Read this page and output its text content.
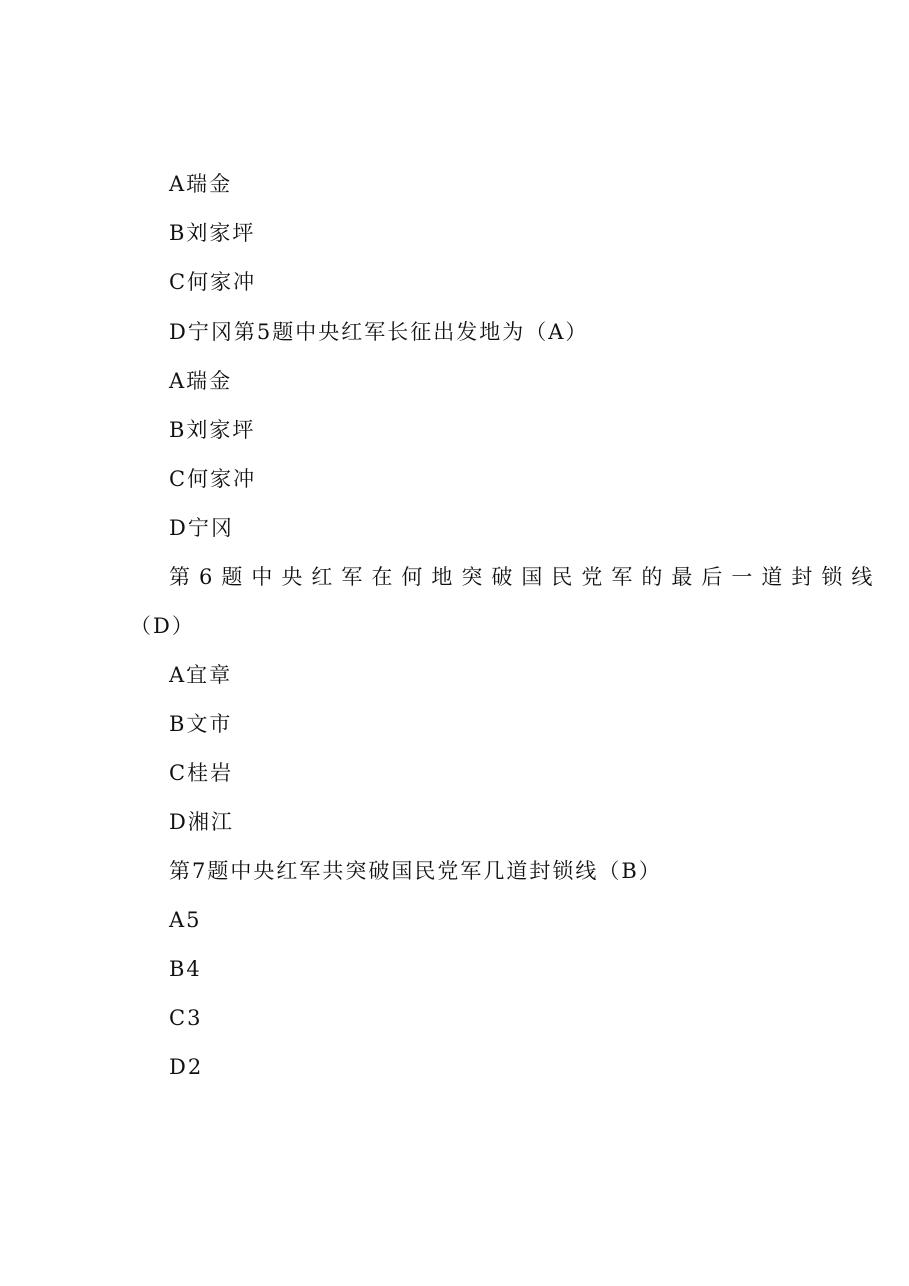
A瑞金
B刘家坪
C何家冲
D宁冈第5题中央红军长征出发地为（A）
A瑞金
B刘家坪
C何家冲
D宁冈
第6题中央红军在何地突破国民党军的最后一道封锁线
（D）
A宜章
B文市
C桂岩
D湘江
第7题中央红军共突破国民党军几道封锁线（B）
A5
B4
C3
D2
